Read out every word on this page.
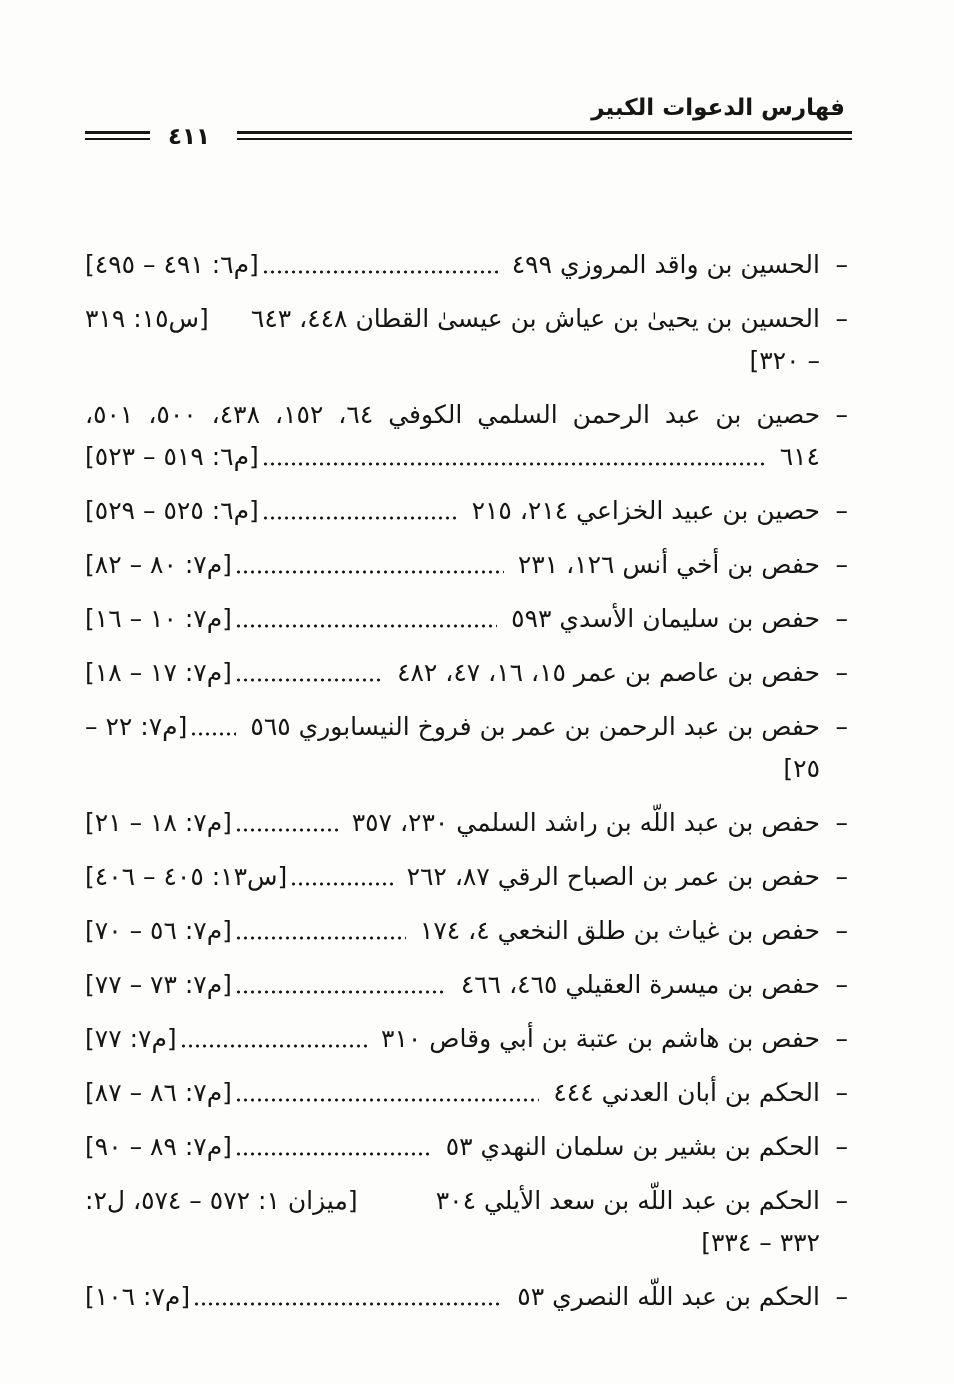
فهارس الدعوات الكبير
٤١١
–
الحسين بن واقد المروزي ٤٩٩
[م٦: ٤٩١ – ٤٩٥]
–
الحسين بن يحيىٰ بن عياش بن عيسىٰ القطان ٤٤٨، ٦٤٣
[س١٥: ٣١٩
– ٣٢٠]
–
حصين بن عبد الرحمن السلمي الكوفي ٦٤، ١٥٢، ٤٣٨، ٥٠٠، ٥٠١،
٦١٤
[م٦: ٥١٩ – ٥٢٣]
–
حصين بن عبيد الخزاعي ٢١٤، ٢١٥
[م٦: ٥٢٥ – ٥٢٩]
–
حفص بن أخي أنس ١٢٦، ٢٣١
[م٧: ٨٠ – ٨٢]
–
حفص بن سليمان الأسدي ٥٩٣
[م٧: ١٠ – ١٦]
–
حفص بن عاصم بن عمر ١٥، ١٦، ٤٧، ٤٨٢
[م٧: ١٧ – ١٨]
–
حفص بن عبد الرحمن بن عمر بن فروخ النيسابوري ٥٦٥
[م٧: ٢٢ –
٢٥]
–
حفص بن عبد اللّه بن راشد السلمي ٢٣٠، ٣٥٧
[م٧: ١٨ – ٢١]
–
حفص بن عمر بن الصباح الرقي ٨٧، ٢٦٢
[س١٣: ٤٠٥ – ٤٠٦]
–
حفص بن غياث بن طلق النخعي ٤، ١٧٤
[م٧: ٥٦ – ٧٠]
–
حفص بن ميسرة العقيلي ٤٦٥، ٤٦٦
[م٧: ٧٣ – ٧٧]
–
حفص بن هاشم بن عتبة بن أبي وقاص ٣١٠
[م٧: ٧٧]
–
الحكم بن أبان العدني ٤٤٤
[م٧: ٨٦ – ٨٧]
–
الحكم بن بشير بن سلمان النهدي ٥٣
[م٧: ٨٩ – ٩٠]
–
الحكم بن عبد اللّه بن سعد الأيلي ٣٠٤
[ميزان ١: ٥٧٢ – ٥٧٤، ل٢:
٣٣٢ – ٣٣٤]
–
الحكم بن عبد اللّه النصري ٥٣
[م٧: ١٠٦]
